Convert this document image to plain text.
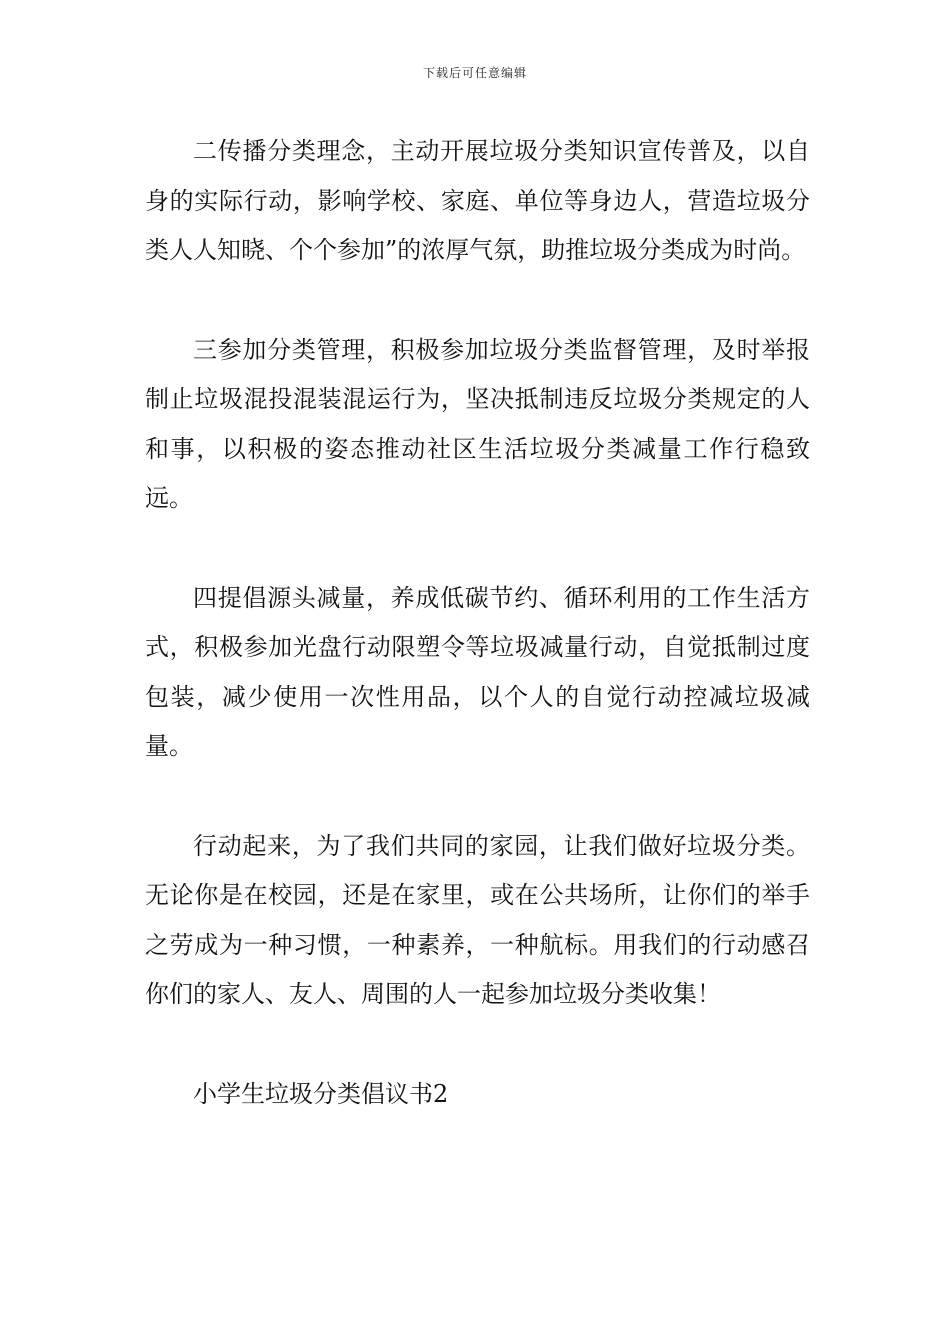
下载后可任意编辑

二传播分类理念，主动开展垃圾分类知识宣传普及，以自身的实际行动，影响学校、家庭、单位等身边人，营造垃圾分类人人知晓、个个参加”的浓厚气氛，助推垃圾分类成为时尚。

三参加分类管理，积极参加垃圾分类监督管理，及时举报制止垃圾混投混装混运行为，坚决抵制违反垃圾分类规定的人和事，以积极的姿态推动社区生活垃圾分类减量工作行稳致远。

四提倡源头减量，养成低碳节约、循环利用的工作生活方式，积极参加光盘行动限塑令等垃圾减量行动，自觉抵制过度包装，减少使用一次性用品，以个人的自觉行动控减垃圾减量。

行动起来，为了我们共同的家园，让我们做好垃圾分类。无论你是在校园，还是在家里，或在公共场所，让你们的举手之劳成为一种习惯，一种素养，一种航标。用我们的行动感召你们的家人、友人、周围的人一起参加垃圾分类收集！

小学生垃圾分类倡议书2
